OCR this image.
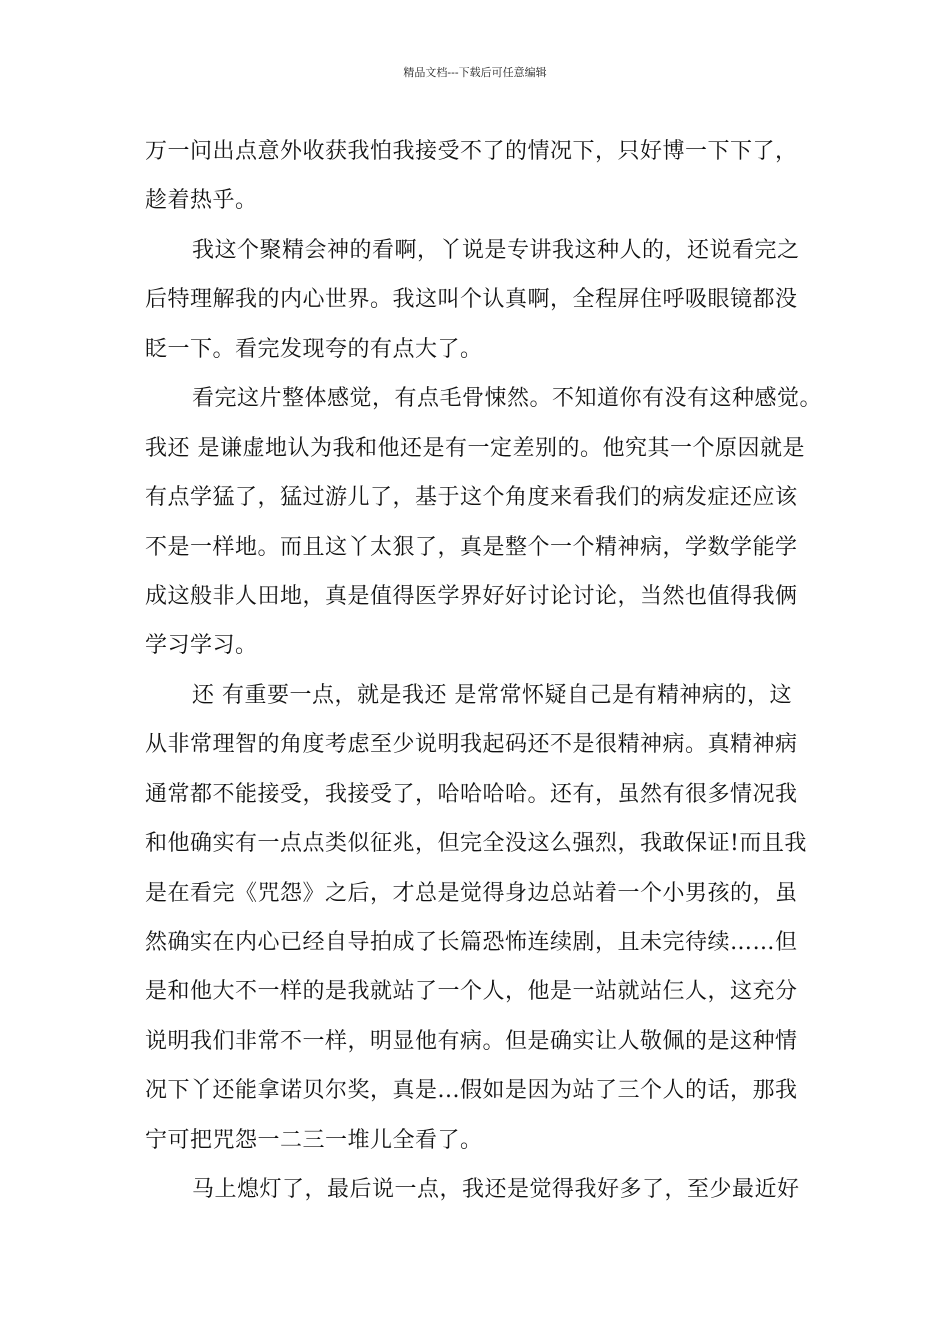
精品文档---下载后可任意编辑
万一问出点意外收获我怕我接受不了的情况下，只好博一下下了，
趁着热乎。
我这个聚精会神的看啊，丫说是专讲我这种人的，还说看完之
后特理解我的内心世界。我这叫个认真啊，全程屏住呼吸眼镜都没
眨一下。看完发现夸的有点大了。
看完这片整体感觉，有点毛骨悚然。不知道你有没有这种感觉。
我还 是谦虚地认为我和他还是有一定差别的。他究其一个原因就是
有点学猛了，猛过游儿了，基于这个角度来看我们的病发症还应该
不是一样地。而且这丫太狠了，真是整个一个精神病，学数学能学
成这般非人田地，真是值得医学界好好讨论讨论，当然也值得我俩
学习学习。
还 有重要一点，就是我还 是常常怀疑自己是有精神病的，这
从非常理智的角度考虑至少说明我起码还不是很精神病。真精神病
通常都不能接受，我接受了，哈哈哈哈。还有，虽然有很多情况我
和他确实有一点点类似征兆，但完全没这么强烈，我敢保证!而且我
是在看完《咒怨》之后，才总是觉得身边总站着一个小男孩的，虽
然确实在内心已经自导拍成了长篇恐怖连续剧，且未完待续……但
是和他大不一样的是我就站了一个人，他是一站就站仨人，这充分
说明我们非常不一样，明显他有病。但是确实让人敬佩的是这种情
况下丫还能拿诺贝尔奖，真是...假如是因为站了三个人的话，那我
宁可把咒怨一二三一堆儿全看了。
马上熄灯了，最后说一点，我还是觉得我好多了，至少最近好
